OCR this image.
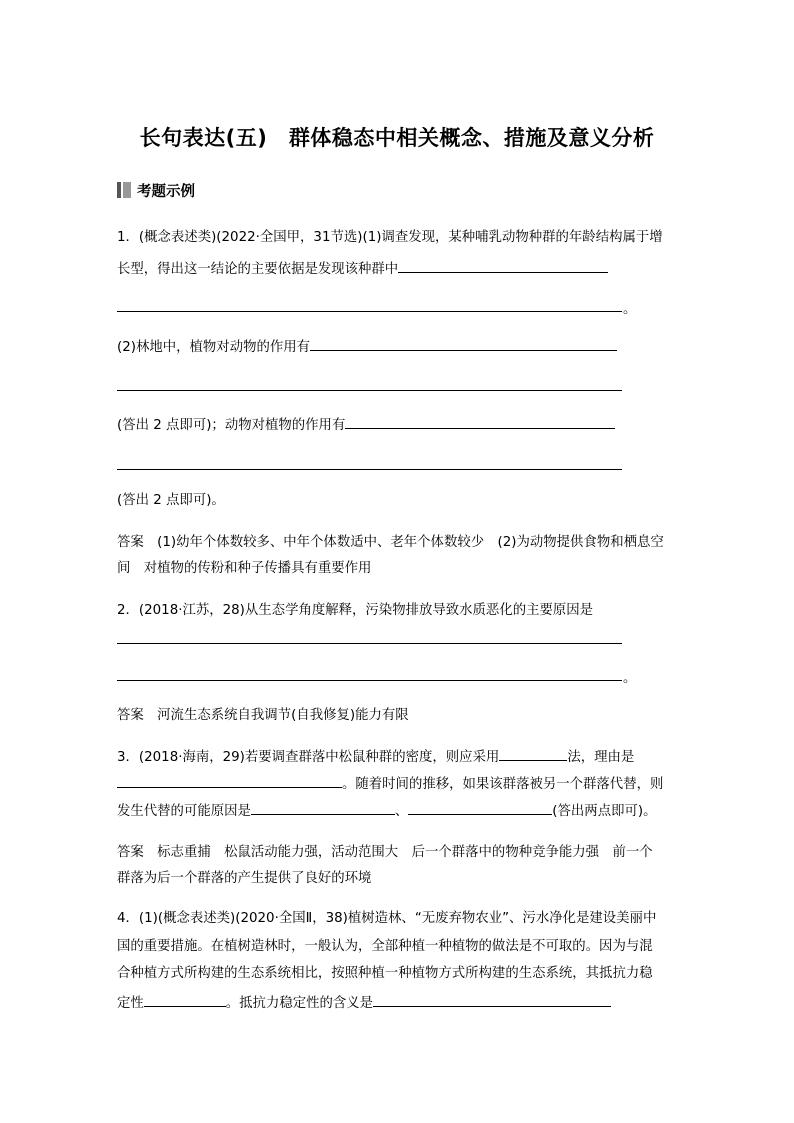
长句表达(五)　群体稳态中相关概念、措施及意义分析
考题示例
1．(概念表述类)(2022·全国甲，31节选)(1)调查发现，某种哺乳动物种群的年龄结构属于增
长型，得出这一结论的主要依据是发现该种群中
。
(2)林地中，植物对动物的作用有
(答出 2 点即可)；动物对植物的作用有
(答出 2 点即可)。
答案　(1)幼年个体数较多、中年个体数适中、老年个体数较少　(2)为动物提供食物和栖息空
间　对植物的传粉和种子传播具有重要作用
2．(2018·江苏，28)从生态学角度解释，污染物排放导致水质恶化的主要原因是
。
答案　河流生态系统自我调节(自我修复)能力有限
3．(2018·海南，29)若要调查群落中松鼠种群的密度，则应采用	法，理由是
。随着时间的推移，如果该群落被另一个群落代替，则
发生代替的可能原因是	、	(答出两点即可)。
答案　标志重捕　松鼠活动能力强，活动范围大　后一个群落中的物种竞争能力强　前一个
群落为后一个群落的产生提供了良好的环境
4．(1)(概念表述类)(2020·全国Ⅱ，38)植树造林、“无废弃物农业”、污水净化是建设美丽中
国的重要措施。在植树造林时，一般认为，全部种植一种植物的做法是不可取的。因为与混
合种植方式所构建的生态系统相比，按照种植一种植物方式所构建的生态系统，其抵抗力稳
定性	。抵抗力稳定性的含义是
